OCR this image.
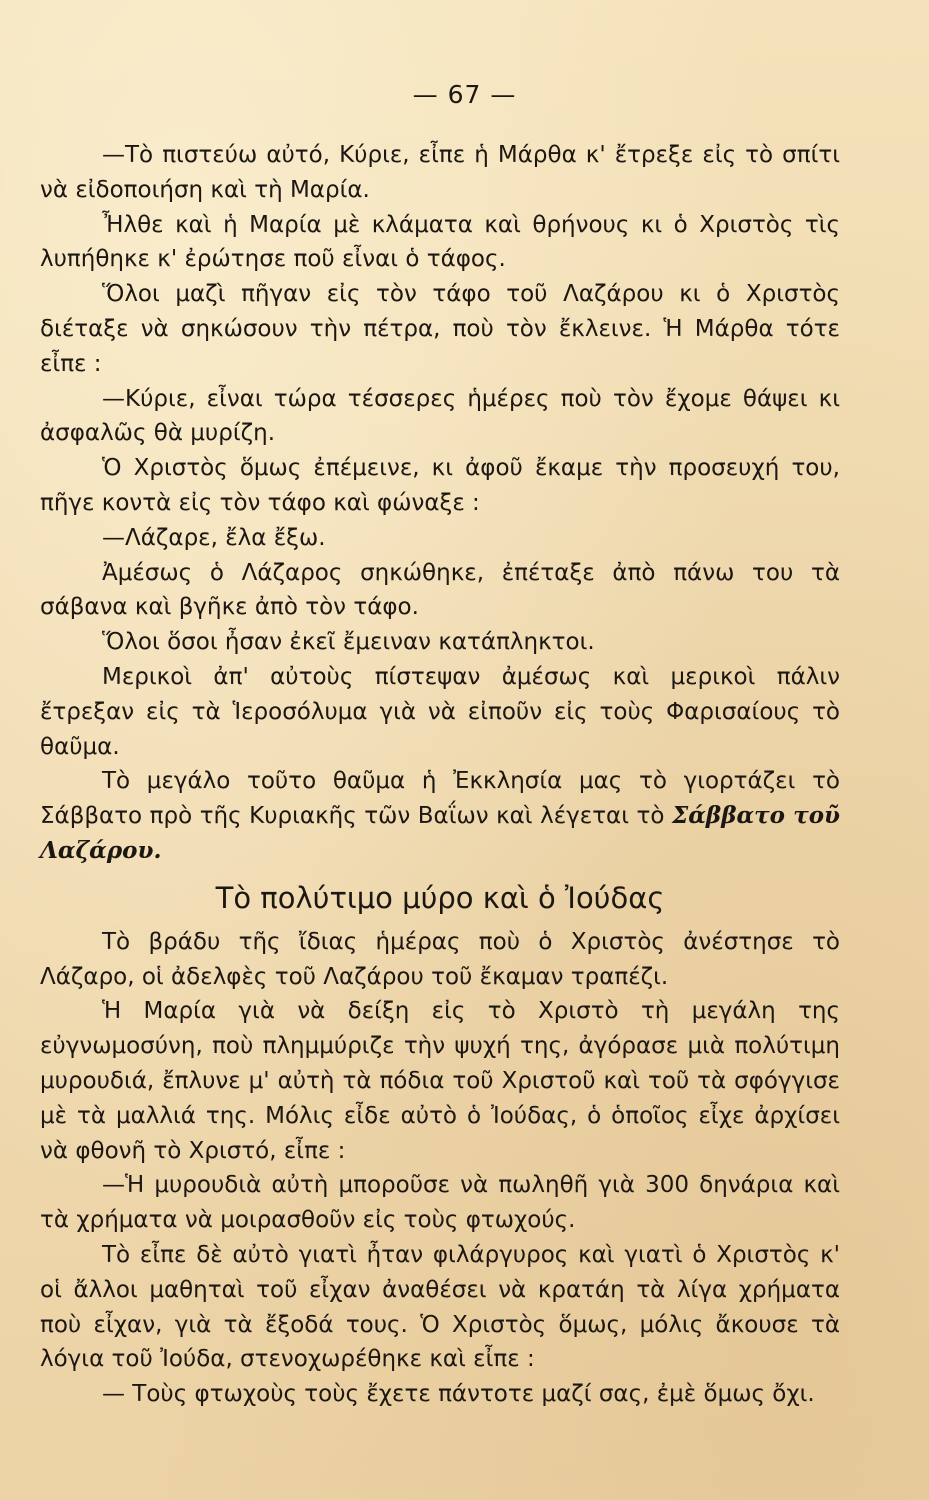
— 67 —

—Τὸ πιστεύω αὐτό, Κύριε, εἶπε ἡ Μάρθα κ' ἔτρεξε εἰς τὸ σπίτι νὰ εἰδοποιήση καὶ τὴ Μαρία.

Ἦλθε καὶ ἡ Μαρία μὲ κλάματα καὶ θρήνους κι ὁ Χριστὸς τὶς λυπήθηκε κ' ἐρώτησε ποῦ εἶναι ὁ τάφος.

Ὅλοι μαζὶ πῆγαν εἰς τὸν τάφο τοῦ Λαζάρου κι ὁ Χριστὸς διέταξε νὰ σηκώσουν τὴν πέτρα, ποὺ τὸν ἔκλεινε. Ἡ Μάρθα τότε εἶπε :

—Κύριε, εἶναι τώρα τέσσερες ἡμέρες ποὺ τὸν ἔχομε θάψει κι ἀσφαλῶς θὰ μυρίζη.

Ὁ Χριστὸς ὅμως ἐπέμεινε, κι ἀφοῦ ἔκαμε τὴν προσευχή του, πῆγε κοντὰ εἰς τὸν τάφο καὶ φώναξε :

—Λάζαρε, ἔλα ἔξω.

Ἀμέσως ὁ Λάζαρος σηκώθηκε, ἐπέταξε ἀπὸ πάνω του τὰ σάβανα καὶ βγῆκε ἀπὸ τὸν τάφο.

Ὅλοι ὅσοι ἦσαν ἐκεῖ ἔμειναν κατάπληκτοι.

Μερικοὶ ἀπ' αὐτοὺς πίστεψαν ἀμέσως καὶ μερικοὶ πάλιν ἔτρεξαν εἰς τὰ Ἱεροσόλυμα γιὰ νὰ εἰποῦν εἰς τοὺς Φαρισαίους τὸ θαῦμα.

Τὸ μεγάλο τοῦτο θαῦμα ἡ Ἐκκλησία μας τὸ γιορτάζει τὸ Σάββατο πρὸ τῆς Κυριακῆς τῶν Βαΐων καὶ λέγεται τὸ Σάββατο τοῦ Λαζάρου.

Τὸ πολύτιμο μύρο καὶ ὁ Ἰούδας

Τὸ βράδυ τῆς ἴδιας ἡμέρας ποὺ ὁ Χριστὸς ἀνέστησε τὸ Λάζαρο, οἱ ἀδελφὲς τοῦ Λαζάρου τοῦ ἔκαμαν τραπέζι.

Ἡ Μαρία γιὰ νὰ δείξη εἰς τὸ Χριστὸ τὴ μεγάλη της εὐγνωμοσύνη, ποὺ πλημμύριζε τὴν ψυχή της, ἀγόρασε μιὰ πολύτιμη μυρουδιά, ἔπλυνε μ' αὐτὴ τὰ πόδια τοῦ Χριστοῦ καὶ τοῦ τὰ σφόγγισε μὲ τὰ μαλλιά της. Μόλις εἶδε αὐτὸ ὁ Ἰούδας, ὁ ὁποῖος εἶχε ἀρχίσει νὰ φθονῆ τὸ Χριστό, εἶπε :

—Ἡ μυρουδιὰ αὐτὴ μποροῦσε νὰ πωληθῆ γιὰ 300 δηνάρια καὶ τὰ χρήματα νὰ μοιρασθοῦν εἰς τοὺς φτωχούς.

Τὸ εἶπε δὲ αὐτὸ γιατὶ ἦταν φιλάργυρος καὶ γιατὶ ὁ Χριστὸς κ' οἱ ἄλλοι μαθηταὶ τοῦ εἶχαν ἀναθέσει νὰ κρατάη τὰ λίγα χρήματα ποὺ εἶχαν, γιὰ τὰ ἔξοδά τους. Ὁ Χριστὸς ὅμως, μόλις ἄκουσε τὰ λόγια τοῦ Ἰούδα, στενοχωρέθηκε καὶ εἶπε :

— Τοὺς φτωχοὺς τοὺς ἔχετε πάντοτε μαζί σας, ἐμὲ ὅμως ὄχι.
